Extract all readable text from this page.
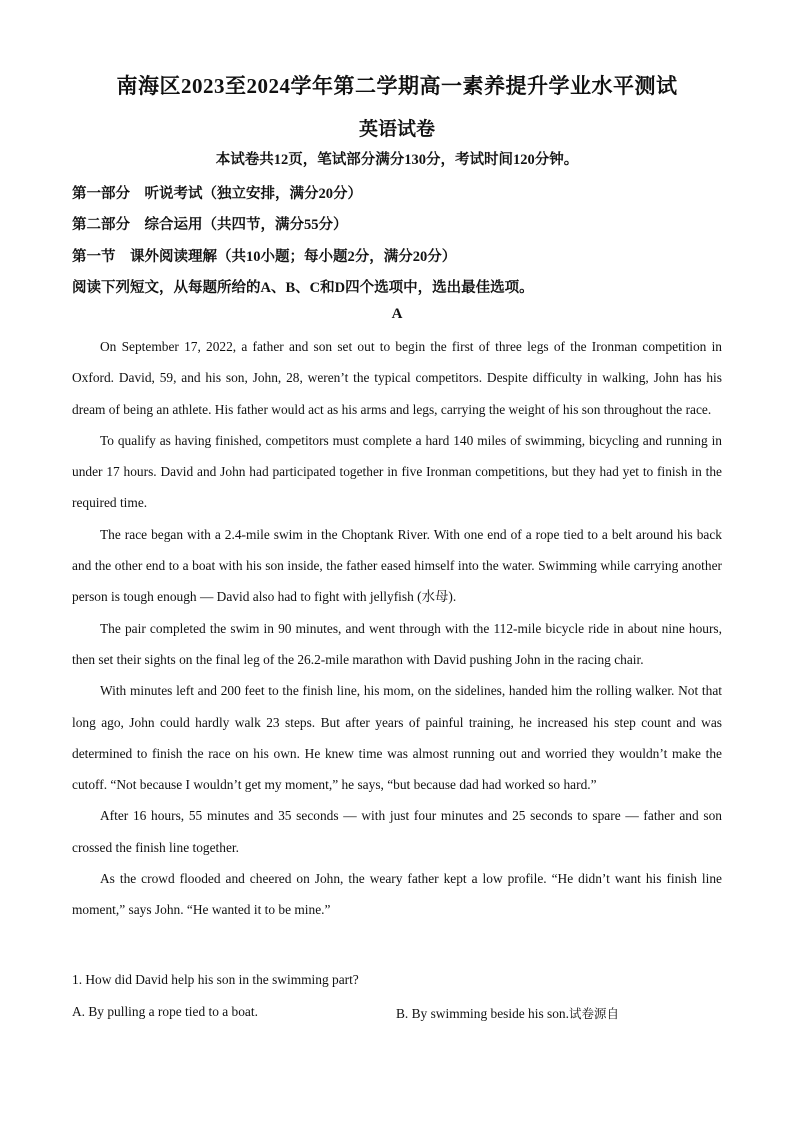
南海区2023至2024学年第二学期高一素养提升学业水平测试
英语试卷
本试卷共12页，笔试部分满分130分，考试时间120分钟。
第一部分　听说考试（独立安排，满分20分）
第二部分　综合运用（共四节，满分55分）
第一节　课外阅读理解（共10小题；每小题2分，满分20分）
阅读下列短文，从每题所给的A、B、C和D四个选项中，选出最佳选项。
A

On September 17, 2022, a father and son set out to begin the first of three legs of the Ironman competition in Oxford. David, 59, and his son, John, 28, weren’t the typical competitors. Despite difficulty in walking, John has his dream of being an athlete. His father would act as his arms and legs, carrying the weight of his son throughout the race.

To qualify as having finished, competitors must complete a hard 140 miles of swimming, bicycling and running in under 17 hours. David and John had participated together in five Ironman competitions, but they had yet to finish in the required time.

The race began with a 2.4-mile swim in the Choptank River. With one end of a rope tied to a belt around his back and the other end to a boat with his son inside, the father eased himself into the water. Swimming while carrying another person is tough enough — David also had to fight with jellyfish (水母).

The pair completed the swim in 90 minutes, and went through with the 112-mile bicycle ride in about nine hours, then set their sights on the final leg of the 26.2-mile marathon with David pushing John in the racing chair.

With minutes left and 200 feet to the finish line, his mom, on the sidelines, handed him the rolling walker. Not that long ago, John could hardly walk 23 steps. But after years of painful training, he increased his step count and was determined to finish the race on his own. He knew time was almost running out and worried they wouldn’t make the cutoff. “Not because I wouldn’t get my moment,” he says, “but because dad had worked so hard.”

After 16 hours, 55 minutes and 35 seconds — with just four minutes and 25 seconds to spare — father and son crossed the finish line together.

As the crowd flooded and cheered on John, the weary father kept a low profile. “He didn’t want his finish line moment,” says John. “He wanted it to be mine.”

1. How did David help his son in the swimming part?
A. By pulling a rope tied to a boat.	B. By swimming beside his son.试卷源自
